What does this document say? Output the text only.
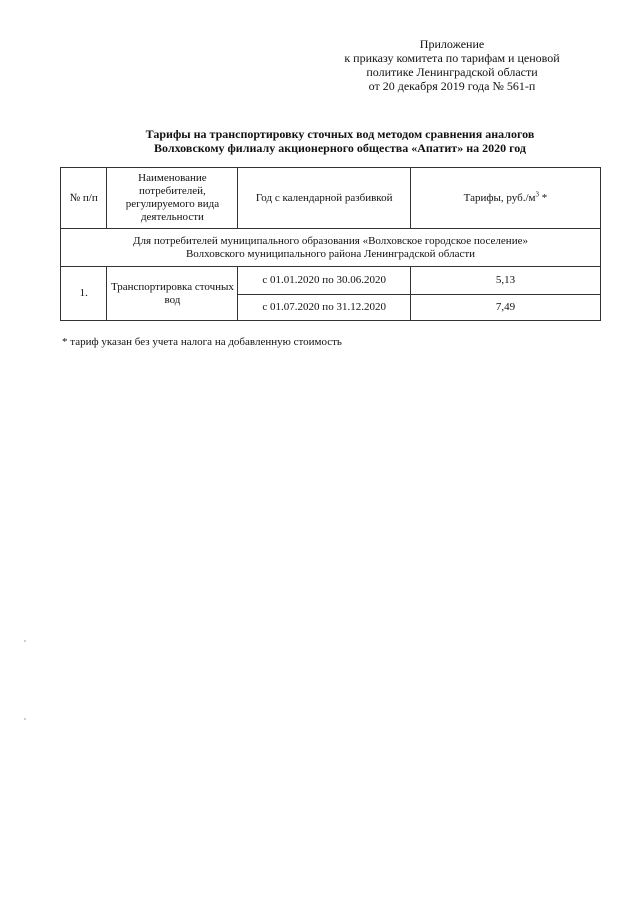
Приложение
к приказу комитета по тарифам и ценовой
политике Ленинградской области
от 20 декабря 2019 года № 561-п
Тарифы на транспортировку сточных вод методом сравнения аналогов
Волховскому филиалу акционерного общества «Апатит» на 2020 год
№ п/п	Наименование потребителей, регулируемого вида деятельности	Год с календарной разбивкой	Тарифы, $руб./м^3$ *

Для потребителей муниципального образования «Волховское городское поселение»
Волховского муниципального района Ленинградской области			

1.	Транспортировка сточных вод	с 01.01.2020 по 30.06.2020	5,13
		с 01.07.2020 по 31.12.2020	7,49
* тариф указан без учета налога на добавленную стоимость
